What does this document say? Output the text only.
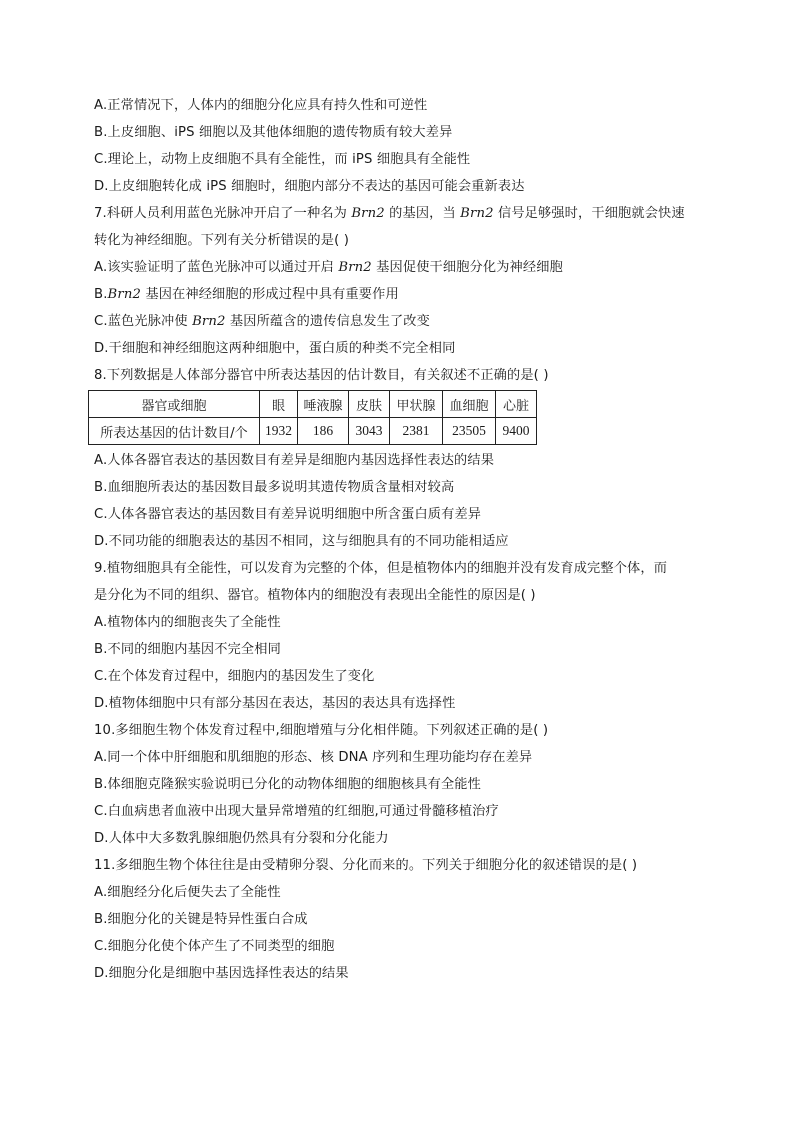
A.正常情况下，人体内的细胞分化应具有持久性和可逆性
B.上皮细胞、iPS 细胞以及其他体细胞的遗传物质有较大差异
C.理论上，动物上皮细胞不具有全能性，而 iPS 细胞具有全能性
D.上皮细胞转化成 iPS 细胞时，细胞内部分不表达的基因可能会重新表达
7.科研人员利用蓝色光脉冲开启了一种名为 Brn2 的基因，当 Brn2 信号足够强时，干细胞就会快速
转化为神经细胞。下列有关分析错误的是( )
A.该实验证明了蓝色光脉冲可以通过开启 Brn2 基因促使干细胞分化为神经细胞
B.Brn2 基因在神经细胞的形成过程中具有重要作用
C.蓝色光脉冲使 Brn2 基因所蕴含的遗传信息发生了改变
D.干细胞和神经细胞这两种细胞中，蛋白质的种类不完全相同
8.下列数据是人体部分器官中所表达基因的估计数目，有关叙述不正确的是( )
器官或细胞	眼	唾液腺	皮肤	甲状腺	血细胞	心脏
所表达基因的估计数目/个	1932	186	3043	2381	23505	9400
A.人体各器官表达的基因数目有差异是细胞内基因选择性表达的结果
B.血细胞所表达的基因数目最多说明其遗传物质含量相对较高
C.人体各器官表达的基因数目有差异说明细胞中所含蛋白质有差异
D.不同功能的细胞表达的基因不相同，这与细胞具有的不同功能相适应
9.植物细胞具有全能性，可以发育为完整的个体，但是植物体内的细胞并没有发育成完整个体，而
是分化为不同的组织、器官。植物体内的细胞没有表现出全能性的原因是( )
A.植物体内的细胞丧失了全能性
B.不同的细胞内基因不完全相同
C.在个体发育过程中，细胞内的基因发生了变化
D.植物体细胞中只有部分基因在表达，基因的表达具有选择性
10.多细胞生物个体发育过程中,细胞增殖与分化相伴随。下列叙述正确的是( )
A.同一个体中肝细胞和肌细胞的形态、核 DNA 序列和生理功能均存在差异
B.体细胞克隆猴实验说明已分化的动物体细胞的细胞核具有全能性
C.白血病患者血液中出现大量异常增殖的红细胞,可通过骨髓移植治疗
D.人体中大多数乳腺细胞仍然具有分裂和分化能力
11.多细胞生物个体往往是由受精卵分裂、分化而来的。下列关于细胞分化的叙述错误的是( )
A.细胞经分化后便失去了全能性
B.细胞分化的关键是特异性蛋白合成
C.细胞分化使个体产生了不同类型的细胞
D.细胞分化是细胞中基因选择性表达的结果
